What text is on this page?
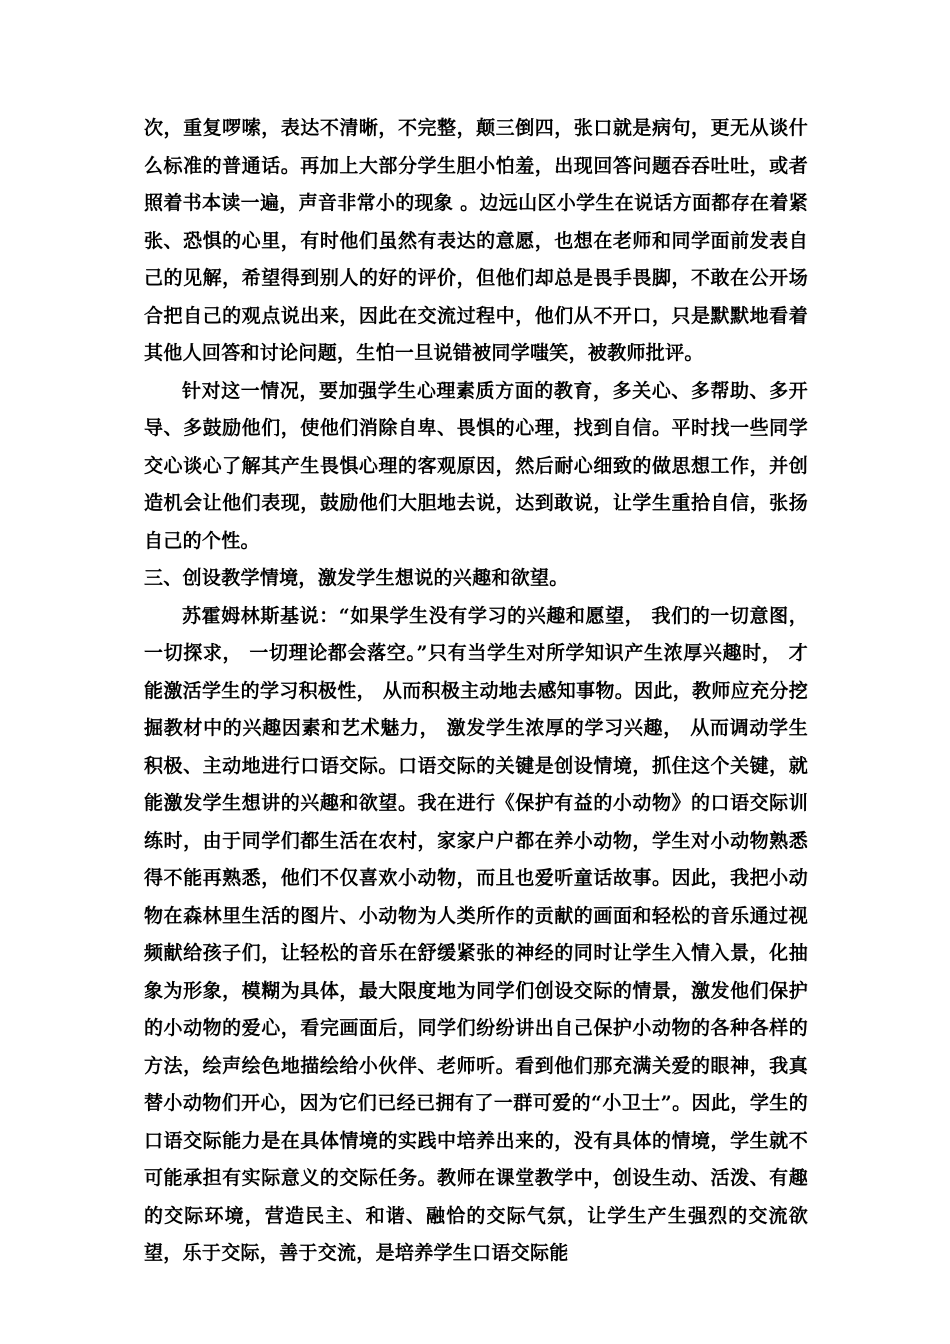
次，重复啰嗦，表达不清晰，不完整，颠三倒四，张口就是病句，更无从谈什么标准的普通话。再加上大部分学生胆小怕羞，出现回答问题吞吞吐吐，或者照着书本读一遍，声音非常小的现象 。边远山区小学生在说话方面都存在着紧张、恐惧的心里，有时他们虽然有表达的意愿，也想在老师和同学面前发表自己的见解，希望得到别人的好的评价，但他们却总是畏手畏脚，不敢在公开场合把自己的观点说出来，因此在交流过程中，他们从不开口，只是默默地看着其他人回答和讨论问题，生怕一旦说错被同学嗤笑，被教师批评。

针对这一情况，要加强学生心理素质方面的教育，多关心、多帮助、多开导、多鼓励他们，使他们消除自卑、畏惧的心理，找到自信。平时找一些同学交心谈心了解其产生畏惧心理的客观原因，然后耐心细致的做思想工作，并创造机会让他们表现，鼓励他们大胆地去说，达到敢说，让学生重拾自信，张扬自己的个性。

三、创设教学情境，激发学生想说的兴趣和欲望。

苏霍姆林斯基说：“如果学生没有学习的兴趣和愿望， 我们的一切意图，一切探求， 一切理论都会落空。”只有当学生对所学知识产生浓厚兴趣时， 才能激活学生的学习积极性， 从而积极主动地去感知事物。因此，教师应充分挖掘教材中的兴趣因素和艺术魅力， 激发学生浓厚的学习兴趣， 从而调动学生积极、主动地进行口语交际。口语交际的关键是创设情境，抓住这个关键，就能激发学生想讲的兴趣和欲望。我在进行《保护有益的小动物》的口语交际训练时，由于同学们都生活在农村，家家户户都在养小动物，学生对小动物熟悉得不能再熟悉，他们不仅喜欢小动物，而且也爱听童话故事。因此，我把小动物在森林里生活的图片、小动物为人类所作的贡献的画面和轻松的音乐通过视频献给孩子们，让轻松的音乐在舒缓紧张的神经的同时让学生入情入景，化抽象为形象，模糊为具体，最大限度地为同学们创设交际的情景，激发他们保护的小动物的爱心，看完画面后，同学们纷纷讲出自己保护小动物的各种各样的方法，绘声绘色地描绘给小伙伴、老师听。看到他们那充满关爱的眼神，我真替小动物们开心，因为它们已经已拥有了一群可爱的“小卫士”。因此，学生的口语交际能力是在具体情境的实践中培养出来的，没有具体的情境，学生就不可能承担有实际意义的交际任务。教师在课堂教学中，创设生动、活泼、有趣的交际环境，营造民主、和谐、融恰的交际气氛，让学生产生强烈的交流欲望，乐于交际，善于交流，是培养学生口语交际能
